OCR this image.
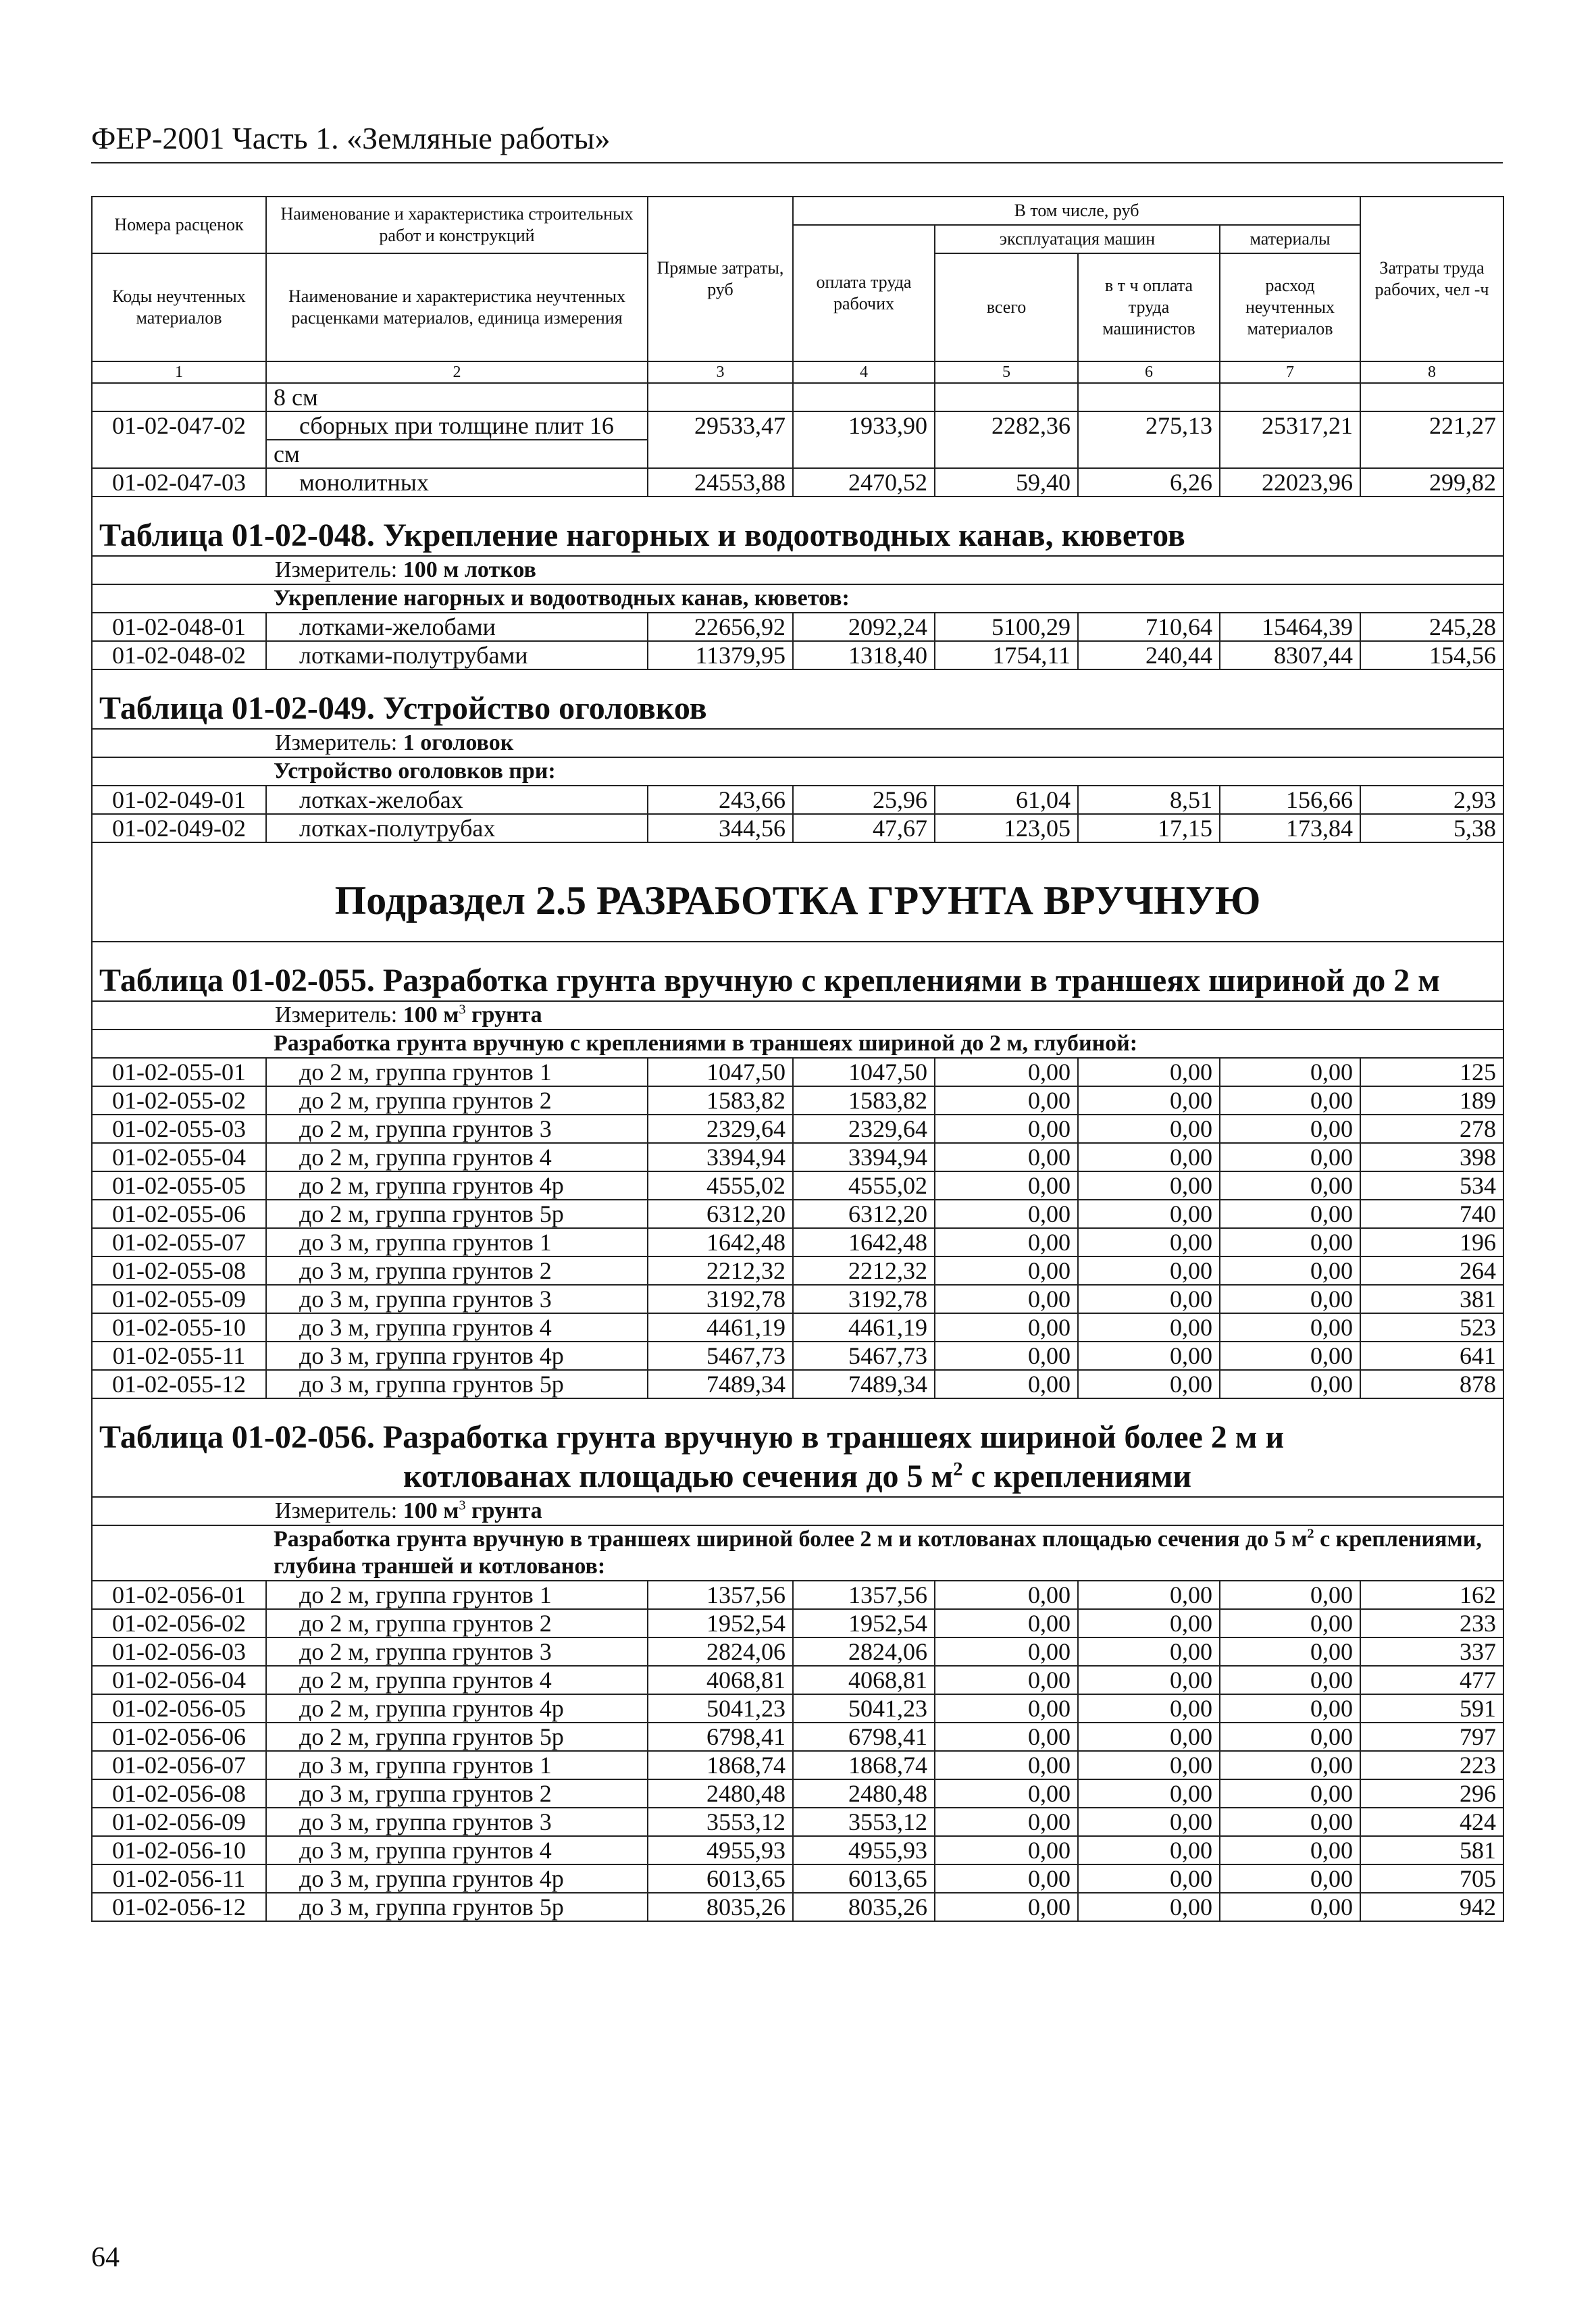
ФЕР-2001 Часть 1. «Земляные работы»
Номера расценок	Наименование и характеристика строительных работ и конструкций	Прямые затраты, руб	В том числе, руб				Затраты труда рабочих, чел -ч
			оплата труда рабочих	эксплуатация машин		материалы	
Коды неучтенных материалов	Наименование и характеристика неучтенных расценками материалов, единица измерения			всего	в т ч оплата труда машинистов	расход неучтенных материалов	

1	2	3	4	5	6	7	8
	8 см						
01-02-047-02	сборных при толщине плит 16	29533,47	1933,90	2282,36	275,13	25317,21	221,27
	см						
01-02-047-03	монолитных	24553,88	2470,52	59,40	6,26	22023,96	299,82
Таблица 01-02-048. Укрепление нагорных и водоотводных канав, кюветов							
Измеритель: 100 м лотков							

Укрепление нагорных и водоотводных канав, кюветов:							

01-02-048-01	лотками-желобами	22656,92	2092,24	5100,29	710,64	15464,39	245,28
01-02-048-02	лотками-полутрубами	11379,95	1318,40	1754,11	240,44	8307,44	154,56
Таблица 01-02-049. Устройство оголовков							
Измеритель: 1 оголовок							

Устройство оголовков при:							

01-02-049-01	лотках-желобах	243,66	25,96	61,04	8,51	156,66	2,93
01-02-049-02	лотках-полутрубах	344,56	47,67	123,05	17,15	173,84	5,38
Подраздел 2.5 РАЗРАБОТКА ГРУНТА ВРУЧНУЮ							
Таблица 01-02-055. Разработка грунта вручную с креплениями в траншеях шириной до 2 м							
Измеритель: 100 $м^3$ грунта							

Разработка грунта вручную с креплениями в траншеях шириной до 2 м, глубиной:							

01-02-055-01	до 2 м, группа грунтов 1	1047,50	1047,50	0,00	0,00	0,00	125
01-02-055-02	до 2 м, группа грунтов 2	1583,82	1583,82	0,00	0,00	0,00	189
01-02-055-03	до 2 м, группа грунтов 3	2329,64	2329,64	0,00	0,00	0,00	278
01-02-055-04	до 2 м, группа грунтов 4	3394,94	3394,94	0,00	0,00	0,00	398
01-02-055-05	до 2 м, группа грунтов 4р	4555,02	4555,02	0,00	0,00	0,00	534
01-02-055-06	до 2 м, группа грунтов 5р	6312,20	6312,20	0,00	0,00	0,00	740
01-02-055-07	до 3 м, группа грунтов 1	1642,48	1642,48	0,00	0,00	0,00	196
01-02-055-08	до 3 м, группа грунтов 2	2212,32	2212,32	0,00	0,00	0,00	264
01-02-055-09	до 3 м, группа грунтов 3	3192,78	3192,78	0,00	0,00	0,00	381
01-02-055-10	до 3 м, группа грунтов 4	4461,19	4461,19	0,00	0,00	0,00	523
01-02-055-11	до 3 м, группа грунтов 4р	5467,73	5467,73	0,00	0,00	0,00	641
01-02-055-12	до 3 м, группа грунтов 5р	7489,34	7489,34	0,00	0,00	0,00	878
Таблица 01-02-056. Разработка грунта вручную в траншеях шириной более 2 м и
котлованах площадью сечения до 5 $м^2$ с креплениями							

Измеритель: 100 $м^3$ грунта							

Разработка грунта вручную в траншеях шириной более 2 м и котлованах площадью сечения до 5 $м^2$ с креплениями, глубина траншей и котлованов:							

01-02-056-01	до 2 м, группа грунтов 1	1357,56	1357,56	0,00	0,00	0,00	162
01-02-056-02	до 2 м, группа грунтов 2	1952,54	1952,54	0,00	0,00	0,00	233
01-02-056-03	до 2 м, группа грунтов 3	2824,06	2824,06	0,00	0,00	0,00	337
01-02-056-04	до 2 м, группа грунтов 4	4068,81	4068,81	0,00	0,00	0,00	477
01-02-056-05	до 2 м, группа грунтов 4р	5041,23	5041,23	0,00	0,00	0,00	591
01-02-056-06	до 2 м, группа грунтов 5р	6798,41	6798,41	0,00	0,00	0,00	797
01-02-056-07	до 3 м, группа грунтов 1	1868,74	1868,74	0,00	0,00	0,00	223
01-02-056-08	до 3 м, группа грунтов 2	2480,48	2480,48	0,00	0,00	0,00	296
01-02-056-09	до 3 м, группа грунтов 3	3553,12	3553,12	0,00	0,00	0,00	424
01-02-056-10	до 3 м, группа грунтов 4	4955,93	4955,93	0,00	0,00	0,00	581
01-02-056-11	до 3 м, группа грунтов 4р	6013,65	6013,65	0,00	0,00	0,00	705
01-02-056-12	до 3 м, группа грунтов 5р	8035,26	8035,26	0,00	0,00	0,00	942
64
